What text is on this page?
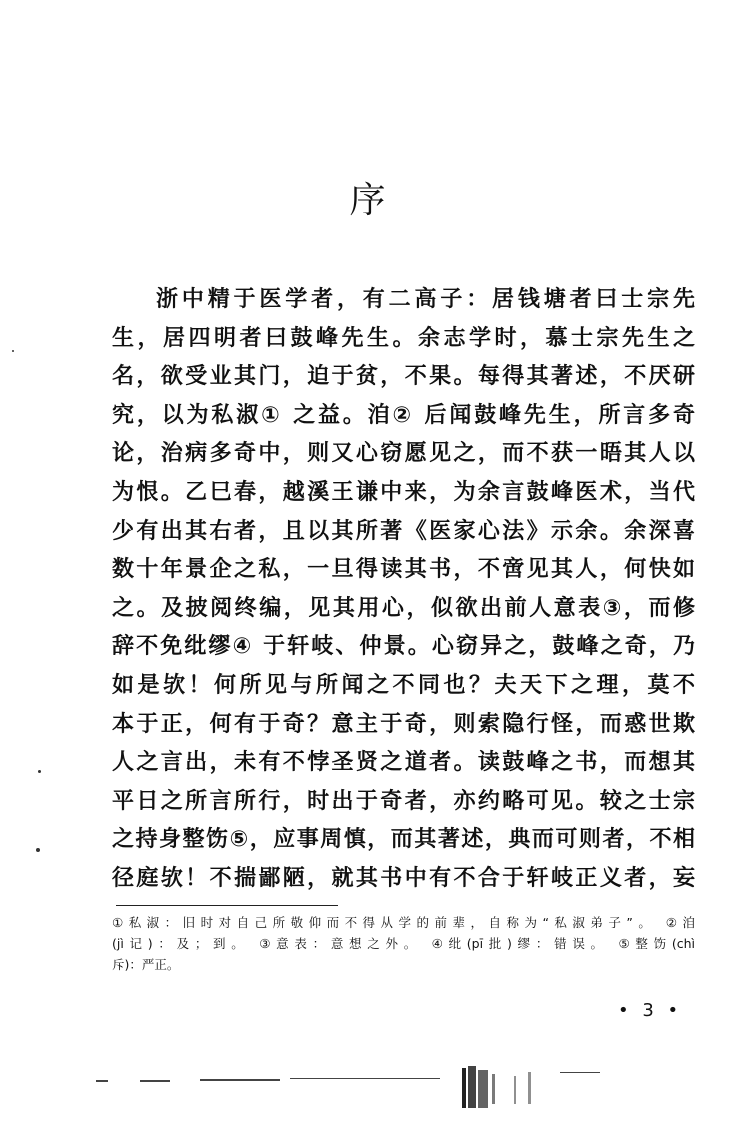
序
浙中精于医学者，有二高子：居钱塘者曰士宗先
生，居四明者曰鼓峰先生。余志学时，慕士宗先生之
名，欲受业其门，迫于贫，不果。每得其著述，不厌研
究，以为私淑① 之益。洎② 后闻鼓峰先生，所言多奇
论，治病多奇中，则又心窃愿见之，而不获一晤其人以
为恨。乙巳春，越溪王谦中来，为余言鼓峰医术，当代
少有出其右者，且以其所著《医家心法》示余。余深喜
数十年景企之私，一旦得读其书，不啻见其人，何快如
之。及披阅终编，见其用心，似欲出前人意表③，而修
辞不免纰缪④ 于轩岐、仲景。心窃异之，鼓峰之奇，乃
如是欤！何所见与所闻之不同也？夫天下之理，莫不
本于正，何有于奇？意主于奇，则索隐行怪，而惑世欺
人之言出，未有不悖圣贤之道者。读鼓峰之书，而想其
平日之所言所行，时出于奇者，亦约略可见。较之士宗
之持身整饬⑤，应事周慎，而其著述，典而可则者，不相
径庭欤！不揣鄙陋，就其书中有不合于轩岐正义者，妄
①私淑：旧时对自己所敬仰而不得从学的前辈，自称为“私淑弟子”。 ②洎
(jì记)：及；到。 ③意表：意想之外。 ④纰(pī批)缪：错误。 ⑤整饬(chì
斥)：严正。
• 3 •
